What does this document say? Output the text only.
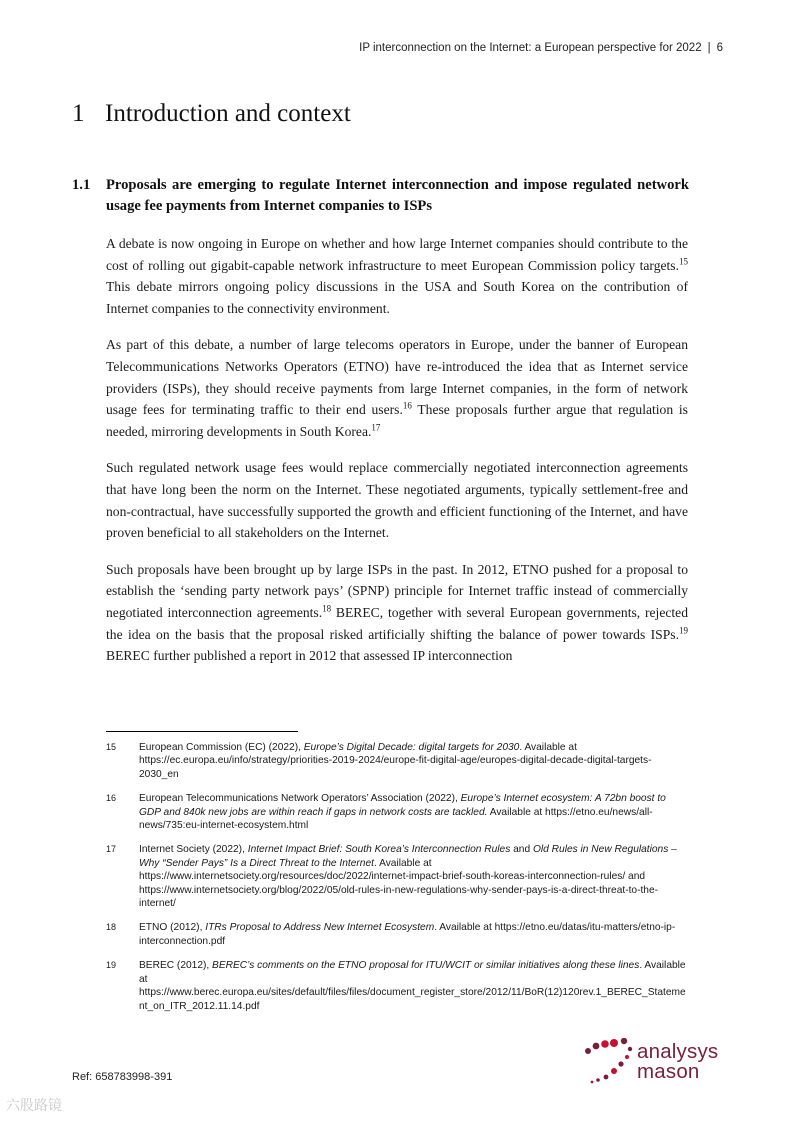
IP interconnection on the Internet: a European perspective for 2022 | 6
1 Introduction and context
1.1 Proposals are emerging to regulate Internet interconnection and impose regulated network usage fee payments from Internet companies to ISPs

A debate is now ongoing in Europe on whether and how large Internet companies should contribute to the cost of rolling out gigabit-capable network infrastructure to meet European Commission policy targets.$^{15}$ This debate mirrors ongoing policy discussions in the USA and South Korea on the contribution of Internet companies to the connectivity environment.

As part of this debate, a number of large telecoms operators in Europe, under the banner of European Telecommunications Networks Operators (ETNO) have re-introduced the idea that as Internet service providers (ISPs), they should receive payments from large Internet companies, in the form of network usage fees for terminating traffic to their end users.$^{16}$ These proposals further argue that regulation is needed, mirroring developments in South Korea.$^{17}$

Such regulated network usage fees would replace commercially negotiated interconnection agreements that have long been the norm on the Internet. These negotiated arguments, typically settlement-free and non-contractual, have successfully supported the growth and efficient functioning of the Internet, and have proven beneficial to all stakeholders on the Internet.

Such proposals have been brought up by large ISPs in the past. In 2012, ETNO pushed for a proposal to establish the ‘sending party network pays’ (SPNP) principle for Internet traffic instead of commercially negotiated interconnection agreements.$^{18}$ BEREC, together with several European governments, rejected the idea on the basis that the proposal risked artificially shifting the balance of power towards ISPs.$^{19}$ BEREC further published a report in 2012 that assessed IP interconnection

15	European Commission (EC) (2022), Europe’s Digital Decade: digital targets for 2030. Available at https://ec.europa.eu/info/strategy/priorities-2019-2024/europe-fit-digital-age/europes-digital-decade-digital-targets-2030_en
16	European Telecommunications Network Operators’ Association (2022), Europe’s Internet ecosystem: A 72bn boost to GDP and 840k new jobs are within reach if gaps in network costs are tackled. Available at https://etno.eu/news/all-news/735:eu-internet-ecosystem.html
17	Internet Society (2022), Internet Impact Brief: South Korea’s Interconnection Rules and Old Rules in New Regulations – Why “Sender Pays” Is a Direct Threat to the Internet. Available at https://www.internetsociety.org/resources/doc/2022/internet-impact-brief-south-koreas-interconnection-rules/ and https://www.internetsociety.org/blog/2022/05/old-rules-in-new-regulations-why-sender-pays-is-a-direct-threat-to-the-internet/
18	ETNO (2012), ITRs Proposal to Address New Internet Ecosystem. Available at https://etno.eu/datas/itu-matters/etno-ip-interconnection.pdf
19	BEREC (2012), BEREC’s comments on the ETNO proposal for ITU/WCIT or similar initiatives along these lines. Available at https://www.berec.europa.eu/sites/default/files/files/document_register_store/2012/11/BoR(12)120rev.1_BEREC_Statement_on_ITR_2012.11.14.pdf
Ref: 658783998-391
analysys
mason
六股路镜
